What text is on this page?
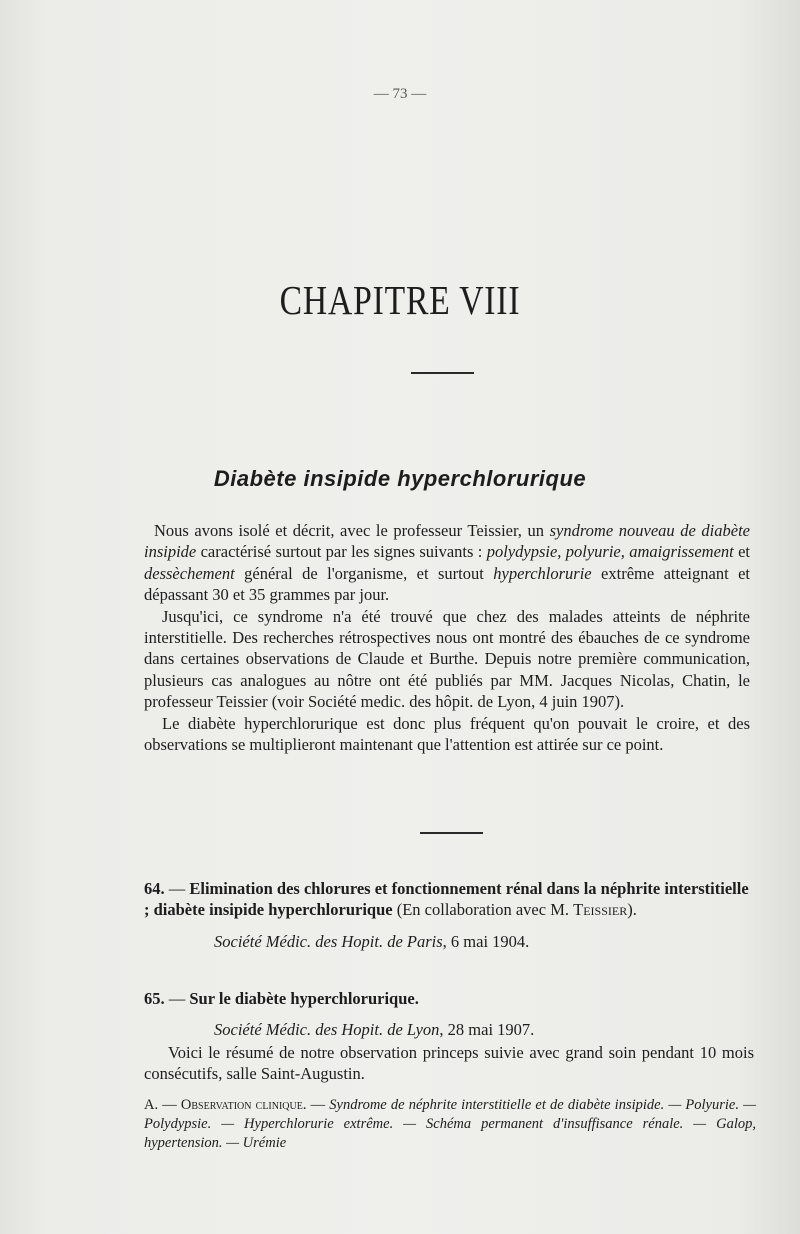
— 73 —
CHAPITRE VIII
Diabète insipide hyperchlorurique

Nous avons isolé et décrit, avec le professeur Teissier, un syndrome nouveau de diabète insipide caractérisé surtout par les signes suivants : polydypsie, polyurie, amaigrissement et dessèchement général de l'organisme, et surtout hyperchlorurie extrême atteignant et dépassant 30 et 35 grammes par jour.

Jusqu'ici, ce syndrome n'a été trouvé que chez des malades atteints de néphrite interstitielle. Des recherches rétrospectives nous ont montré des ébauches de ce syndrome dans certaines observations de Claude et Burthe. Depuis notre première communication, plusieurs cas analogues au nôtre ont été publiés par MM. Jacques Nicolas, Chatin, le professeur Teissier (voir Société medic. des hôpit. de Lyon, 4 juin 1907).

Le diabète hyperchlorurique est donc plus fréquent qu'on pouvait le croire, et des observations se multiplieront maintenant que l'attention est attirée sur ce point.

64. — Elimination des chlorures et fonctionnement rénal dans la néphrite interstitielle ; diabète insipide hyperchlorurique (En collaboration avec M. Teissier).
Société Médic. des Hopit. de Paris, 6 mai 1904.
65. — Sur le diabète hyperchlorurique.
Société Médic. des Hopit. de Lyon, 28 mai 1907.
Voici le résumé de notre observation princeps suivie avec grand soin pendant 10 mois consécutifs, salle Saint-Augustin.
A. — Observation clinique. — Syndrome de néphrite interstitielle et de diabète insipide. — Polyurie. — Polydypsie. — Hyperchlorurie extrême. — Schéma permanent d'insuffisance rénale. — Galop, hypertension. — Urémie
